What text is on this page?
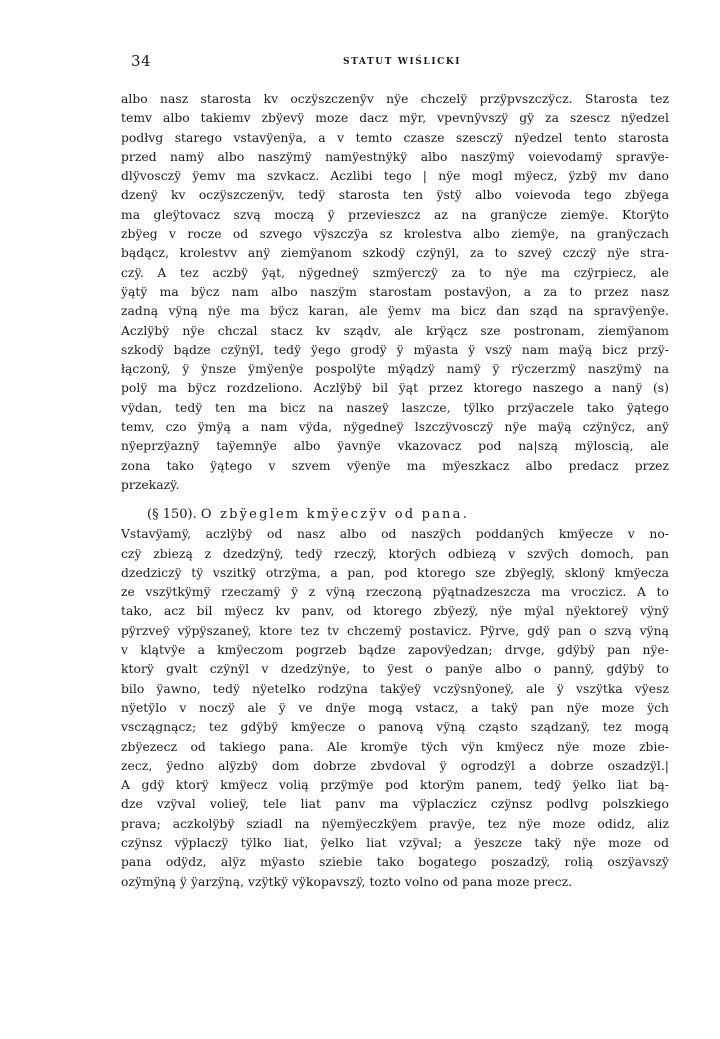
34	STATUT WIŚLICKI
albo nasz starosta kv oczÿszczenÿv nÿe chczelÿ przÿpvszczÿcz. Starosta tez
temv albo takiemv zbÿevÿ moze dacz mÿr, vpevnÿvszÿ gÿ za szescz nÿedzel
podłvg starego vstavÿenÿa, a v temto czasze szesczÿ nÿedzel tento starosta
przed namÿ albo naszÿmÿ namÿestnÿkÿ albo naszÿmÿ voievodamÿ spravÿe-
dlÿvosczÿ ÿemv ma szvkacz. Aczlibi tego | nÿe mogl mÿecz, ÿzbÿ mv dano
dzenÿ kv oczÿszczenÿv, tedÿ starosta ten ÿstÿ albo voievoda tego zbÿega
ma gleÿtovacz szvą moczą ÿ przevieszcz az na granÿcze ziemÿe. Ktorÿto
zbÿeg v rocze od szvego vÿszczÿa sz krolestva albo ziemÿe, na granÿczach
bądącz, krolestvv anÿ ziemÿanom szkodÿ czÿnÿl, za to szveÿ czczÿ nÿe stra-
czÿ. A tez aczbÿ ÿąt, nÿgedneÿ szmÿerczÿ za to nÿe ma czÿrpiecz, ale
ÿątÿ ma bÿcz nam albo naszÿm starostam postavÿon, a za to przez nasz
zadną vÿną nÿe ma bÿcz karan, ale ÿemv ma bicz dan sząd na spravÿenÿe.
Aczlÿbÿ nÿe chczal stacz kv sządv, ale krÿącz sze postronam, ziemÿanom
szkodÿ bądze czÿnÿl, tedÿ ÿego grodÿ ÿ mÿasta ÿ vszÿ nam maÿą bicz przÿ-
łączonÿ, ÿ ÿnsze ÿmÿenÿe pospolÿte mÿądzÿ namÿ ÿ rÿczerzmÿ naszÿmÿ na
polÿ ma bÿcz rozdzeliono. Aczlÿbÿ bil ÿąt przez ktorego naszego a nanÿ (s)
vÿdan, tedÿ ten ma bicz na naszeÿ laszcze, tÿlko przÿaczele tako ÿątego
temv, czo ÿmÿą a nam vÿda, nÿgedneÿ lszczÿvosczÿ nÿe maÿą czÿnÿcz, anÿ
nÿeprzÿaznÿ taÿemnÿe albo ÿavnÿe vkazovacz pod na|szą mÿloscią, ale
zona tako ÿątego v szvem vÿenÿe ma mÿeszkacz albo predacz przez
przekazÿ.
(§ 150). O zbÿeglem kmÿeczÿv od pana.
Vstavÿamÿ, aczlÿbÿ od nasz albo od naszÿch poddanÿch kmÿecze v no-
czÿ zbiezą z dzedzÿnÿ, tedÿ rzeczÿ, ktorÿch odbiezą v szvÿch domoch, pan
dzedziczÿ tÿ vszitkÿ otrzÿma, a pan, pod ktorego sze zbÿeglÿ, sklonÿ kmÿecza
ze vszÿtkÿmÿ rzeczamÿ ÿ z vÿną rzeczoną pÿątnadzeszcza ma vroczicz. A to
tako, acz bil mÿecz kv panv, od ktorego zbÿezÿ, nÿe mÿal nÿektoreÿ vÿnÿ
pÿrzveÿ vÿpÿszaneÿ, ktore tez tv chczemÿ postavicz. Pÿrve, gdÿ pan o szvą vÿną
v klątvÿe a kmÿeczom pogrzeb bądze zapovÿedzan; drvge, gdÿbÿ pan nÿe-
ktorÿ gvalt czÿnÿl v dzedzÿnÿe, to ÿest o panÿe albo o pannÿ, gdÿbÿ to
bilo ÿawno, tedÿ nÿetelko rodzÿna takÿeÿ vczÿsnÿoneÿ, ale ÿ vszÿtka vÿesz
nÿetÿlo v noczÿ ale ÿ ve dnÿe mogą vstacz, a takÿ pan nÿe moze ÿch
vsczągnącz; tez gdÿbÿ kmÿecze o panovą vÿną cząsto sządzanÿ, tez mogą
zbÿezecz od takiego pana. Ale kromÿe tÿch vÿn kmÿecz nÿe moze zbie-
zecz, ÿedno alÿzbÿ dom dobrze zbvdoval ÿ ogrodzÿl a dobrze oszadzÿl.|
A gdÿ ktorÿ kmÿecz volią przÿmÿe pod ktorÿm panem, tedÿ ÿelko liat bą-
dze vzÿval volieÿ, tele liat panv ma vÿplaczicz czÿnsz podlvg polszkiego
prava; aczkolÿbÿ sziadl na nÿemÿeczkÿem pravÿe, tez nÿe moze odidz, aliz
czÿnsz vÿplaczÿ tÿlko liat, ÿelko liat vzÿval; a ÿeszcze takÿ nÿe moze od
pana odÿdz, alÿz mÿasto sziebie tako bogatego poszadzÿ, rolią oszÿavszÿ
ozÿmÿną ÿ ÿarzÿną, vzÿtkÿ vÿkopavszÿ, tozto volno od pana moze precz.
